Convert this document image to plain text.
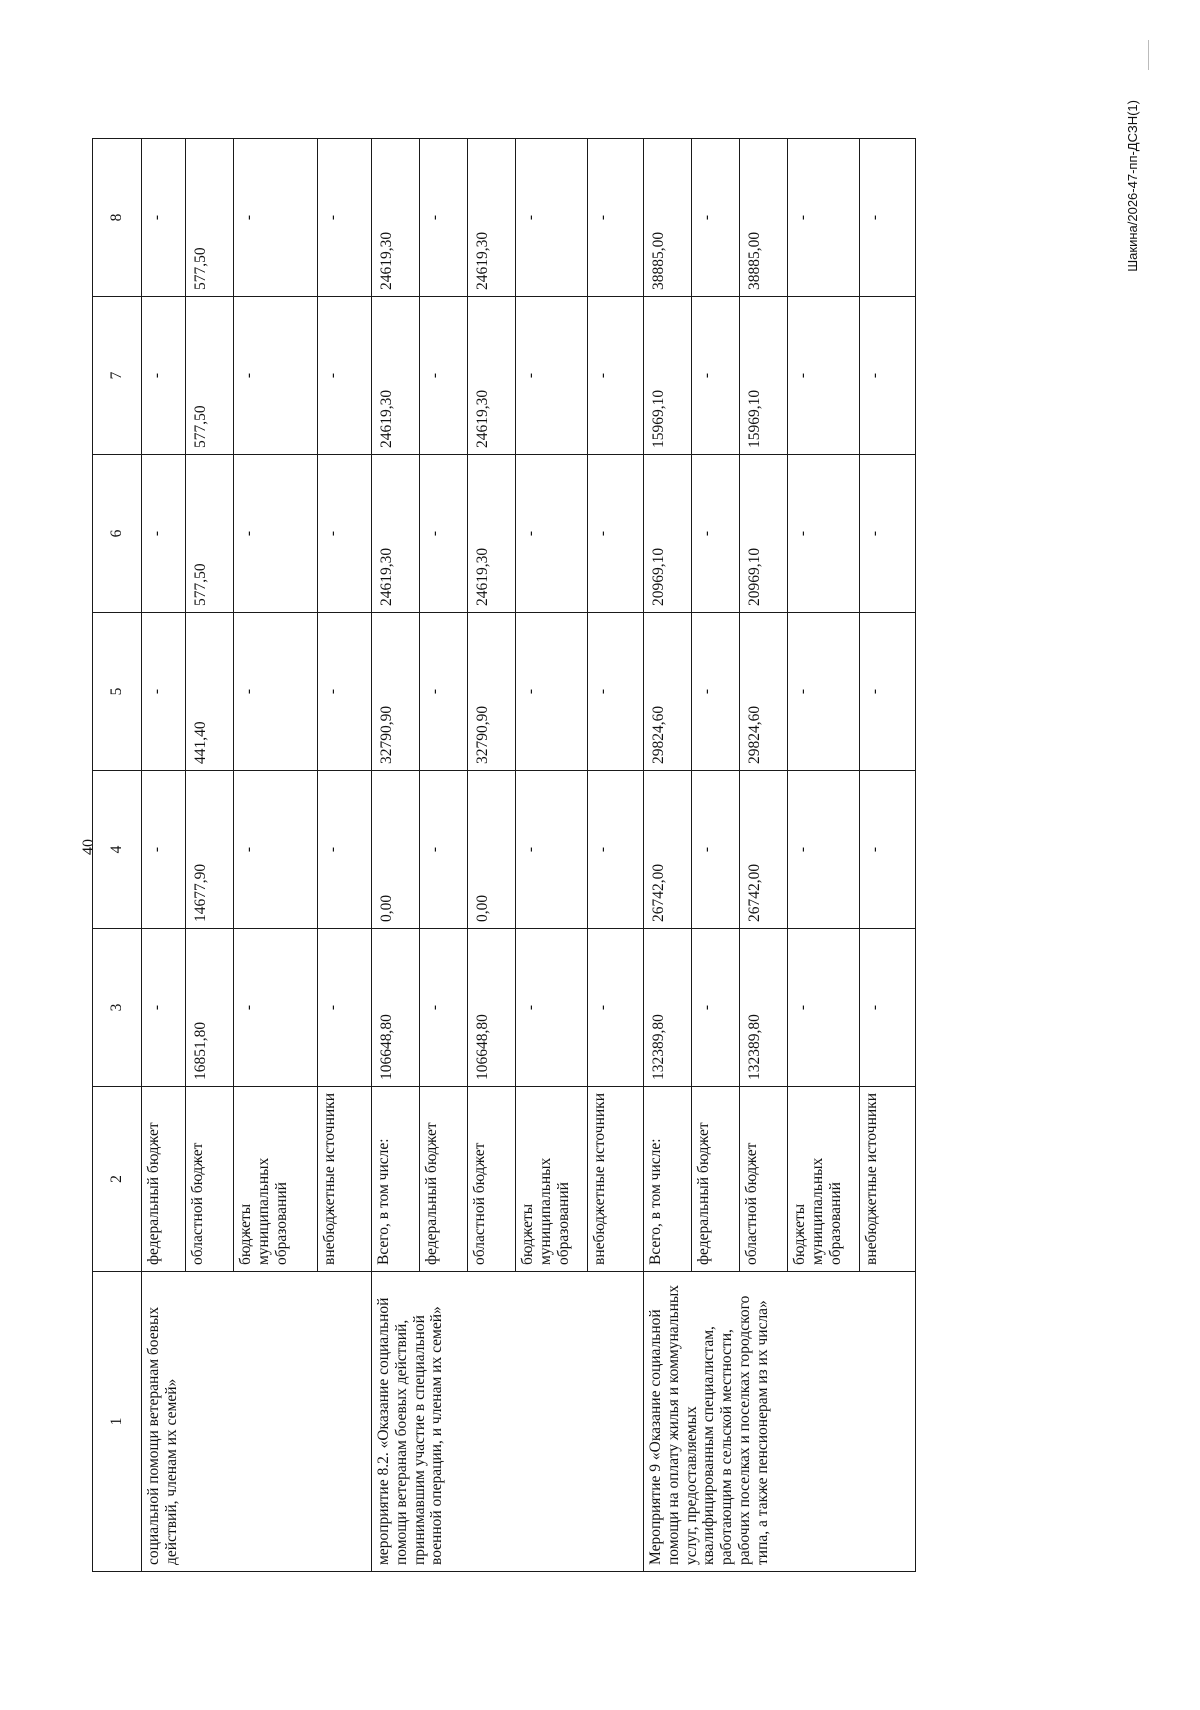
40
1	2	3	4	5	6	7	8
социальной помощи ветеранам боевых действий, членам их семей»	федеральный бюджет	-	-	-	-	-	-
	областной бюджет	16851,80	14677,90	441,40	577,50	577,50	577,50
	бюджеты муниципальных образований	-	-	-	-	-	-
	внебюджетные источники	-	-	-	-	-	-
мероприятие 8.2. «Оказание социальной помощи ветеранам боевых действий, принимавшим участие в специальной военной операции, и членам их семей»	Всего, в том числе:	106648,80	0,00	32790,90	24619,30	24619,30	24619,30
	федеральный бюджет	-	-	-	-	-	-
	областной бюджет	106648,80	0,00	32790,90	24619,30	24619,30	24619,30
	бюджеты муниципальных образований	-	-	-	-	-	-
	внебюджетные источники	-	-	-	-	-	-
Мероприятие 9 «Оказание социальной помощи на оплату жилья и коммунальных услуг, предоставляемых квалифицированным специалистам, работающим в сельской местности, рабочих поселках и поселках городского типа, а также пенсионерам из их числа»	Всего, в том числе:	132389,80	26742,00	29824,60	20969,10	15969,10	38885,00
	федеральный бюджет	-	-	-	-	-	-
	областной бюджет	132389,80	26742,00	29824,60	20969,10	15969,10	38885,00
	бюджеты муниципальных образований	-	-	-	-	-	-
	внебюджетные источники	-	-	-	-	-	-	Шакина/2026-47-пп-ДСЗН(1)
